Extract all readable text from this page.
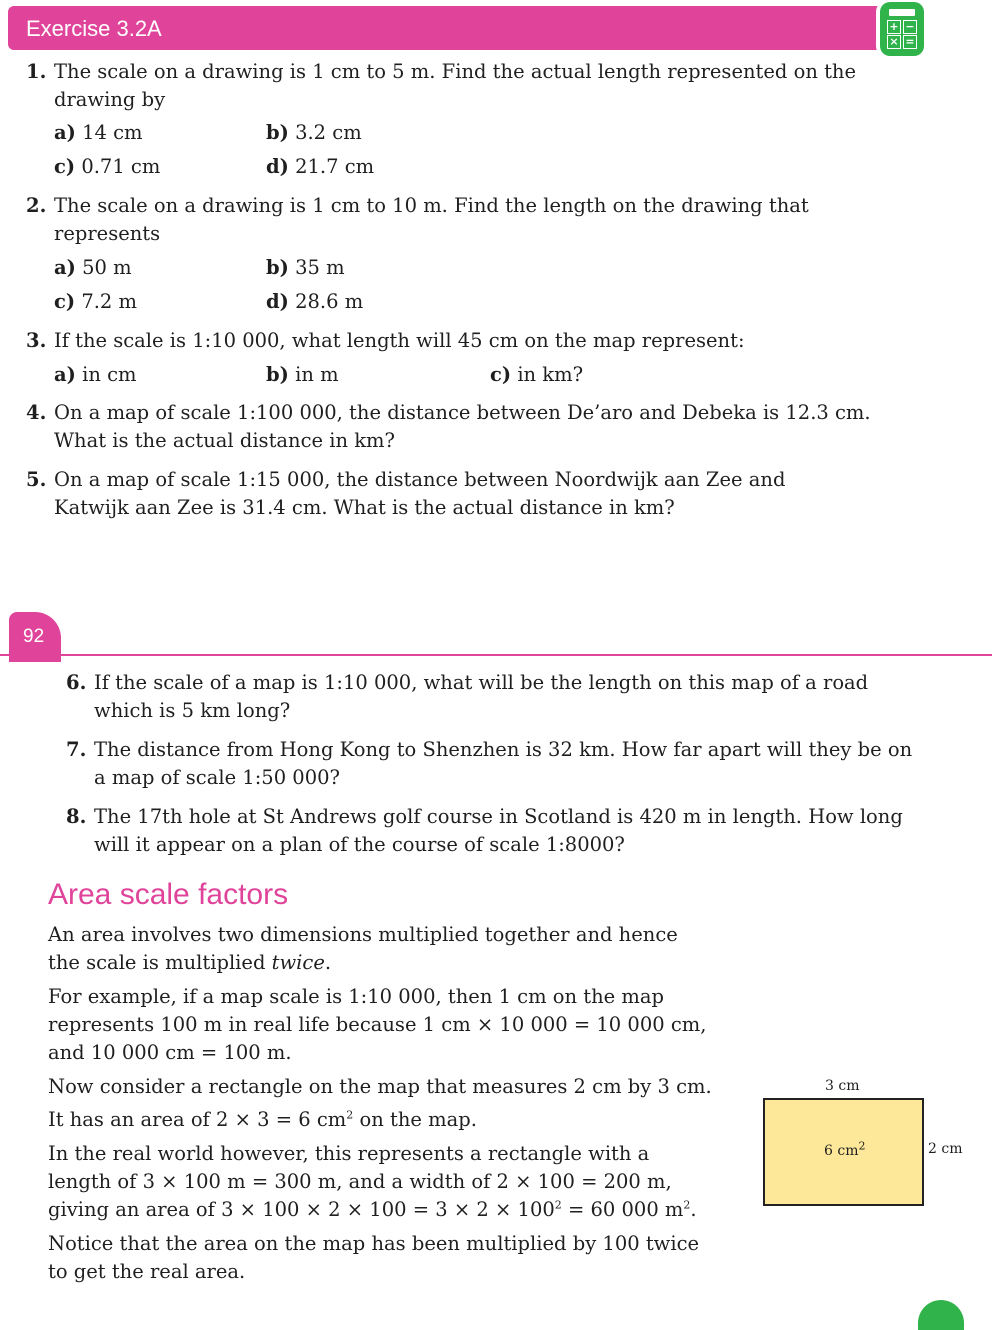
Exercise 3.2A	+ −
× =
1. The scale on a drawing is 1 cm to 5 m. Find the actual length represented on the
drawing by
a) 14 cm	b) 3.2 cm
c) 0.71 cm	d) 21.7 cm
2. The scale on a drawing is 1 cm to 10 m. Find the length on the drawing that
represents
a) 50 m	b) 35 m
c) 7.2 m	d) 28.6 m
3. If the scale is 1:10 000, what length will 45 cm on the map represent:
a) in cm	b) in m	c) in km?
4. On a map of scale 1:100 000, the distance between De’aro and Debeka is 12.3 cm.
What is the actual distance in km?
5. On a map of scale 1:15 000, the distance between Noordwijk aan Zee and
Katwijk aan Zee is 31.4 cm. What is the actual distance in km?
92
6. If the scale of a map is 1:10 000, what will be the length on this map of a road
which is 5 km long?
7. The distance from Hong Kong to Shenzhen is 32 km. How far apart will they be on
a map of scale 1:50 000?
8. The 17th hole at St Andrews golf course in Scotland is 420 m in length. How long
will it appear on a plan of the course of scale 1:8000?
Area scale factors
An area involves two dimensions multiplied together and hence
the scale is multiplied twice.
For example, if a map scale is 1:10 000, then 1 cm on the map
represents 100 m in real life because 1 cm × 10 000 = 10 000 cm,
and 10 000 cm = 100 m.
Now consider a rectangle on the map that measures 2 cm by 3 cm.
It has an area of 2 × 3 = 6 $cm^2$ on the map.
In the real world however, this represents a rectangle with a
length of 3 × 100 m = 300 m, and a width of 2 × 100 = 200 m,
giving an area of $3 \times 100 \times 2 \times 100 = 3 \times 2 \times 100^2 = 60$ 000 $m^2$.
Notice that the area on the map has been multiplied by 100 twice
to get the real area.
3 cm
6 $cm^2$	2 cm
